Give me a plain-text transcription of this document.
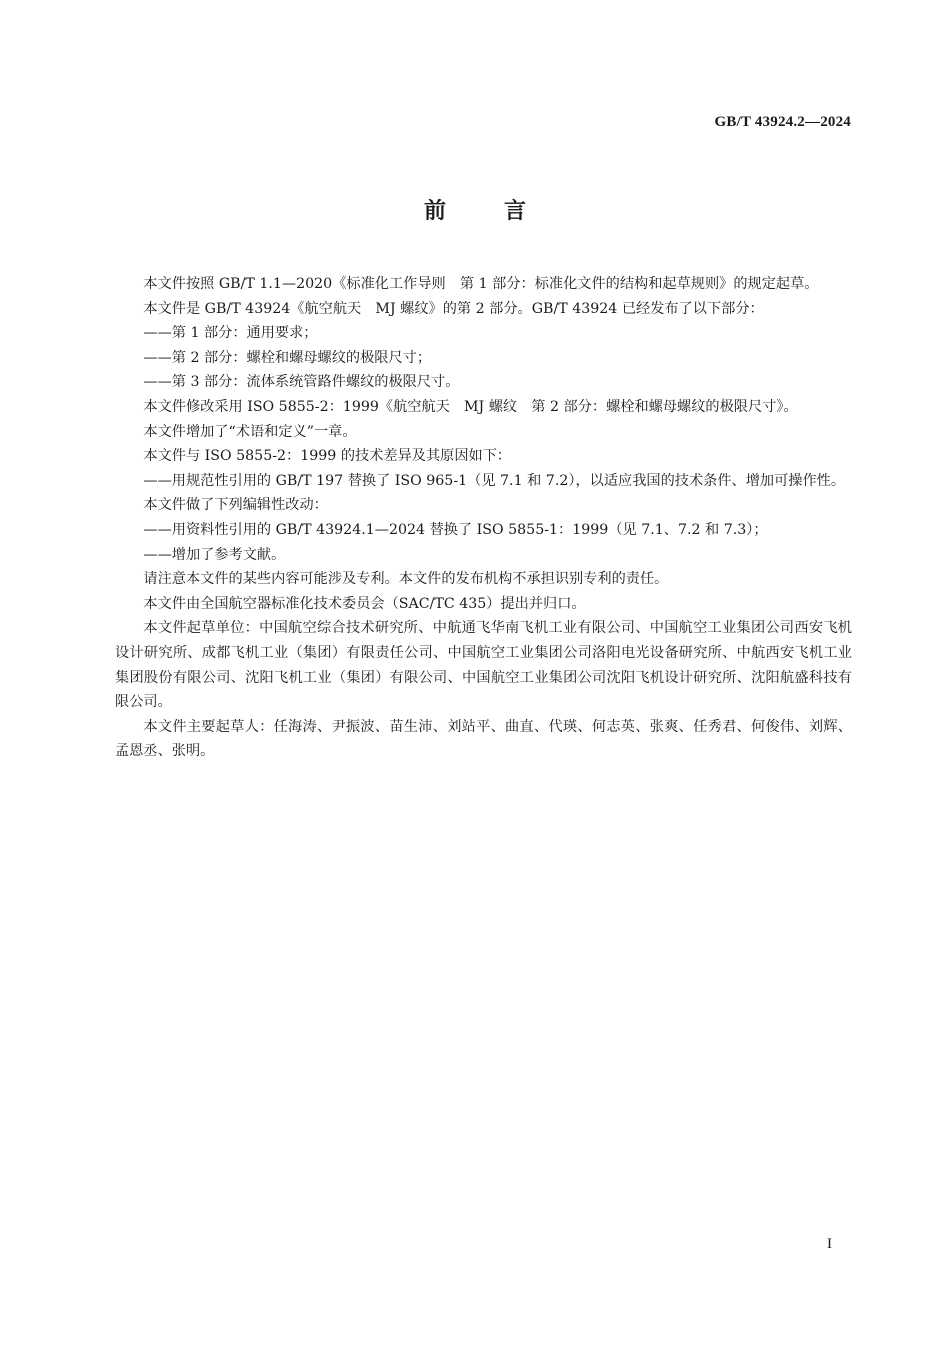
GB/T 43924.2—2024
前	言

本文件按照 GB/T 1.1—2020《标准化工作导则　第 1 部分：标准化文件的结构和起草规则》的规定起草。

本文件是 GB/T 43924《航空航天　MJ 螺纹》的第 2 部分。GB/T 43924 已经发布了以下部分：

——第 1 部分：通用要求；

——第 2 部分：螺栓和螺母螺纹的极限尺寸；

——第 3 部分：流体系统管路件螺纹的极限尺寸。

本文件修改采用 ISO 5855-2：1999《航空航天　MJ 螺纹　第 2 部分：螺栓和螺母螺纹的极限尺寸》。

本文件增加了“术语和定义”一章。

本文件与 ISO 5855-2：1999 的技术差异及其原因如下：

——用规范性引用的 GB/T 197 替换了 ISO 965-1（见 7.1 和 7.2），以适应我国的技术条件、增加可操作性。

本文件做了下列编辑性改动：

——用资料性引用的 GB/T 43924.1—2024 替换了 ISO 5855-1：1999（见 7.1、7.2 和 7.3）；

——增加了参考文献。

请注意本文件的某些内容可能涉及专利。本文件的发布机构不承担识别专利的责任。

本文件由全国航空器标准化技术委员会（SAC/TC 435）提出并归口。

本文件起草单位：中国航空综合技术研究所、中航通飞华南飞机工业有限公司、中国航空工业集团公司西安飞机设计研究所、成都飞机工业（集团）有限责任公司、中国航空工业集团公司洛阳电光设备研究所、中航西安飞机工业集团股份有限公司、沈阳飞机工业（集团）有限公司、中国航空工业集团公司沈阳飞机设计研究所、沈阳航盛科技有限公司。

本文件主要起草人：任海涛、尹振波、苗生沛、刘站平、曲直、代瑛、何志英、张爽、任秀君、何俊伟、刘辉、孟恩丞、张明。

I
